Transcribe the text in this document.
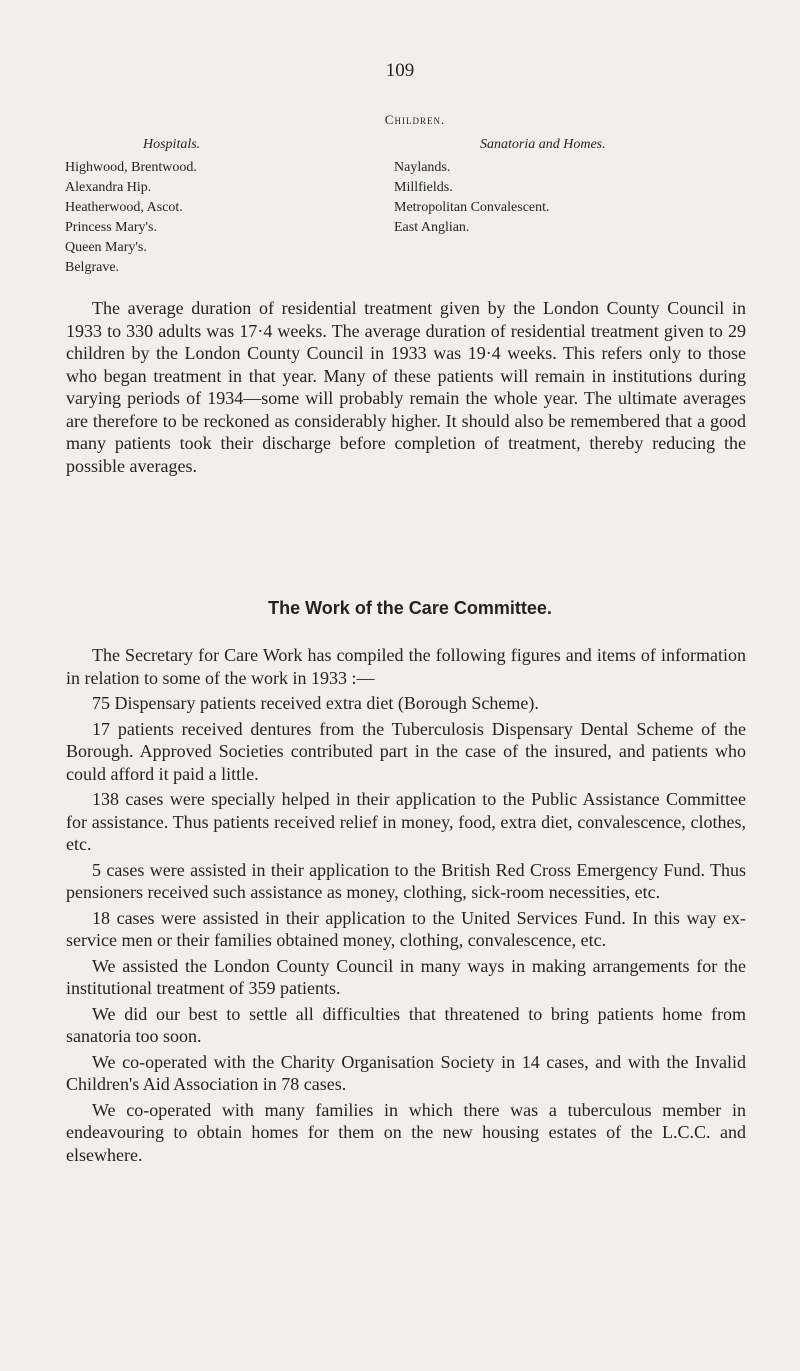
109
Children.
Hospitals.
Highwood, Brentwood.
Alexandra Hip.
Heatherwood, Ascot.
Princess Mary's.
Queen Mary's.
Belgrave.
Sanatoria and Homes.
Naylands.
Millfields.
Metropolitan Convalescent.
East Anglian.

The average duration of residential treatment given by the London County Council in 1933 to 330 adults was 17·4 weeks. The average duration of residential treatment given to 29 children by the London County Council in 1933 was 19·4 weeks. This refers only to those who began treatment in that year. Many of these patients will remain in institutions during varying periods of 1934—some will probably remain the whole year. The ultimate averages are therefore to be reckoned as considerably higher. It should also be remembered that a good many patients took their discharge before completion of treatment, thereby reducing the possible averages.

The Work of the Care Committee.

The Secretary for Care Work has compiled the following figures and items of information in relation to some of the work in 1933 :—

75 Dispensary patients received extra diet (Borough Scheme).

17 patients received dentures from the Tuberculosis Dispensary Dental Scheme of the Borough. Approved Societies contributed part in the case of the insured, and patients who could afford it paid a little.

138 cases were specially helped in their application to the Public Assistance Committee for assistance. Thus patients received relief in money, food, extra diet, convalescence, clothes, etc.

5 cases were assisted in their application to the British Red Cross Emergency Fund. Thus pensioners received such assistance as money, clothing, sick-room necessities, etc.

18 cases were assisted in their application to the United Services Fund. In this way ex-service men or their families obtained money, clothing, convalescence, etc.

We assisted the London County Council in many ways in making arrangements for the institutional treatment of 359 patients.

We did our best to settle all difficulties that threatened to bring patients home from sanatoria too soon.

We co-operated with the Charity Organisation Society in 14 cases, and with the Invalid Children's Aid Association in 78 cases.

We co-operated with many families in which there was a tuberculous member in endeavouring to obtain homes for them on the new housing estates of the L.C.C. and elsewhere.
